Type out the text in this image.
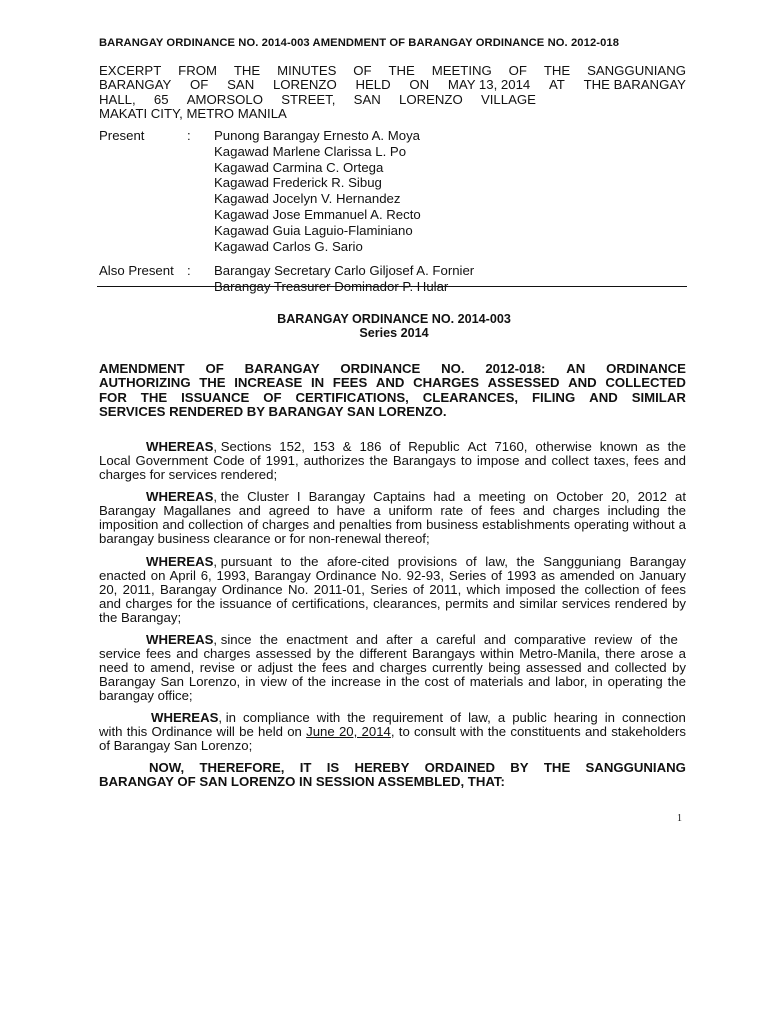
BARANGAY ORDINANCE NO. 2014-003 AMENDMENT OF BARANGAY ORDINANCE NO. 2012-018
EXCERPT FROM THE MINUTES OF THE MEETING OF THE SANGGUNIANG
BARANGAY OF SAN LORENZO HELD ON MAY 13, 2014 AT THE BARANGAY
HALL, 65 AMORSOLO STREET, SAN LORENZO VILLAGE
MAKATI CITY, METRO MANILA
Present	:	Punong Barangay Ernesto A. Moya
Kagawad Marlene Clarissa L. Po
Kagawad Carmina C. Ortega
Kagawad Frederick R. Sibug
Kagawad Jocelyn V. Hernandez
Kagawad Jose Emmanuel A. Recto
Kagawad Guia Laguio-Flaminiano
Kagawad Carlos G. Sario
Also Present	:	Barangay Secretary Carlo Giljosef A. Fornier
Barangay Treasurer Dominador P. Hular
BARANGAY ORDINANCE NO. 2014-003
Series 2014
AMENDMENT OF BARANGAY ORDINANCE NO. 2012-018: AN ORDINANCE
AUTHORIZING THE INCREASE IN FEES AND CHARGES ASSESSED AND COLLECTED
FOR THE ISSUANCE OF CERTIFICATIONS, CLEARANCES, FILING AND SIMILAR
SERVICES RENDERED BY BARANGAY SAN LORENZO.
WHEREAS, Sections 152, 153 & 186 of Republic Act 7160, otherwise known as the
Local Government Code of 1991, authorizes the Barangays to impose and collect taxes, fees and charges for services rendered;
WHEREAS, the Cluster I Barangay Captains had a meeting on October 20, 2012 at
Barangay Magallanes and agreed to have a uniform rate of fees and charges including the imposition and collection of charges and penalties from business establishments operating without a barangay business clearance or for non-renewal thereof;
WHEREAS, pursuant to the afore-cited provisions of law, the Sangguniang Barangay
enacted on April 6, 1993, Barangay Ordinance No. 92-93, Series of 1993 as amended on January 20, 2011, Barangay Ordinance No. 2011-01, Series of 2011, which imposed the collection of fees and charges for the issuance of certifications, clearances, permits and similar services rendered by the Barangay;
WHEREAS, since the enactment and after a careful and comparative review of the
service fees and charges assessed by the different Barangays within Metro-Manila, there arose a need to amend, revise or adjust the fees and charges currently being assessed and collected by Barangay San Lorenzo, in view of the increase in the cost of materials and labor, in operating the barangay office;
WHEREAS, in compliance with the requirement of law, a public hearing in connection
with this Ordinance will be held on June 20, 2014, to consult with the constituents and stakeholders of Barangay San Lorenzo;
NOW, THEREFORE, IT IS HEREBY ORDAINED BY THE SANGGUNIANG
BARANGAY OF SAN LORENZO IN SESSION ASSEMBLED, THAT:
1
